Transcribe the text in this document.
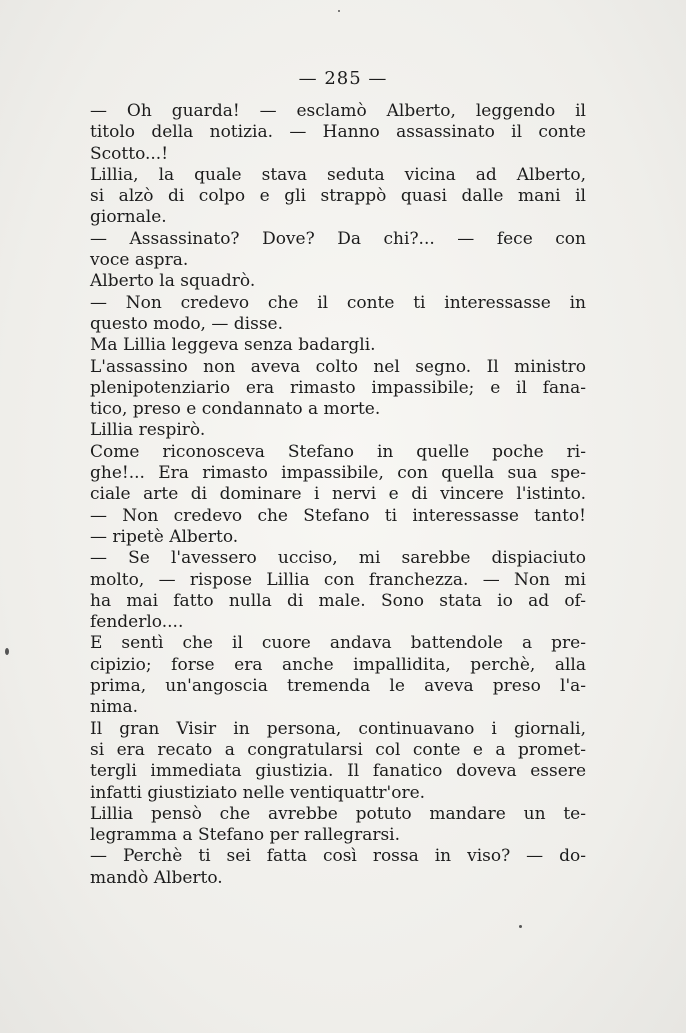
— 285 —
— Oh guarda! — esclamò Alberto, leggendo il
titolo della notizia. — Hanno assassinato il conte
Scotto...!
Lillia, la quale stava seduta vicina ad Alberto,
si alzò di colpo e gli strappò quasi dalle mani il
giornale.
— Assassinato? Dove? Da chi?... — fece con
voce aspra.
Alberto la squadrò.
— Non credevo che il conte ti interessasse in
questo modo, — disse.
Ma Lillia leggeva senza badargli.
L'assassino non aveva colto nel segno. Il ministro
plenipotenziario era rimasto impassibile; e il fana-
tico, preso e condannato a morte.
Lillia respirò.
Come riconosceva Stefano in quelle poche ri-
ghe!... Era rimasto impassibile, con quella sua spe-
ciale arte di dominare i nervi e di vincere l'istinto.
— Non credevo che Stefano ti interessasse tanto!
— ripetè Alberto.
— Se l'avessero ucciso, mi sarebbe dispiaciuto
molto, — rispose Lillia con franchezza. — Non mi
ha mai fatto nulla di male. Sono stata io ad of-
fenderlo....
E sentì che il cuore andava battendole a pre-
cipizio; forse era anche impallidita, perchè, alla
prima, un'angoscia tremenda le aveva preso l'a-
nima.
Il gran Visir in persona, continuavano i giornali,
si era recato a congratularsi col conte e a promet-
tergli immediata giustizia. Il fanatico doveva essere
infatti giustiziato nelle ventiquattr'ore.
Lillia pensò che avrebbe potuto mandare un te-
legramma a Stefano per rallegrarsi.
— Perchè ti sei fatta così rossa in viso? — do-
mandò Alberto.
